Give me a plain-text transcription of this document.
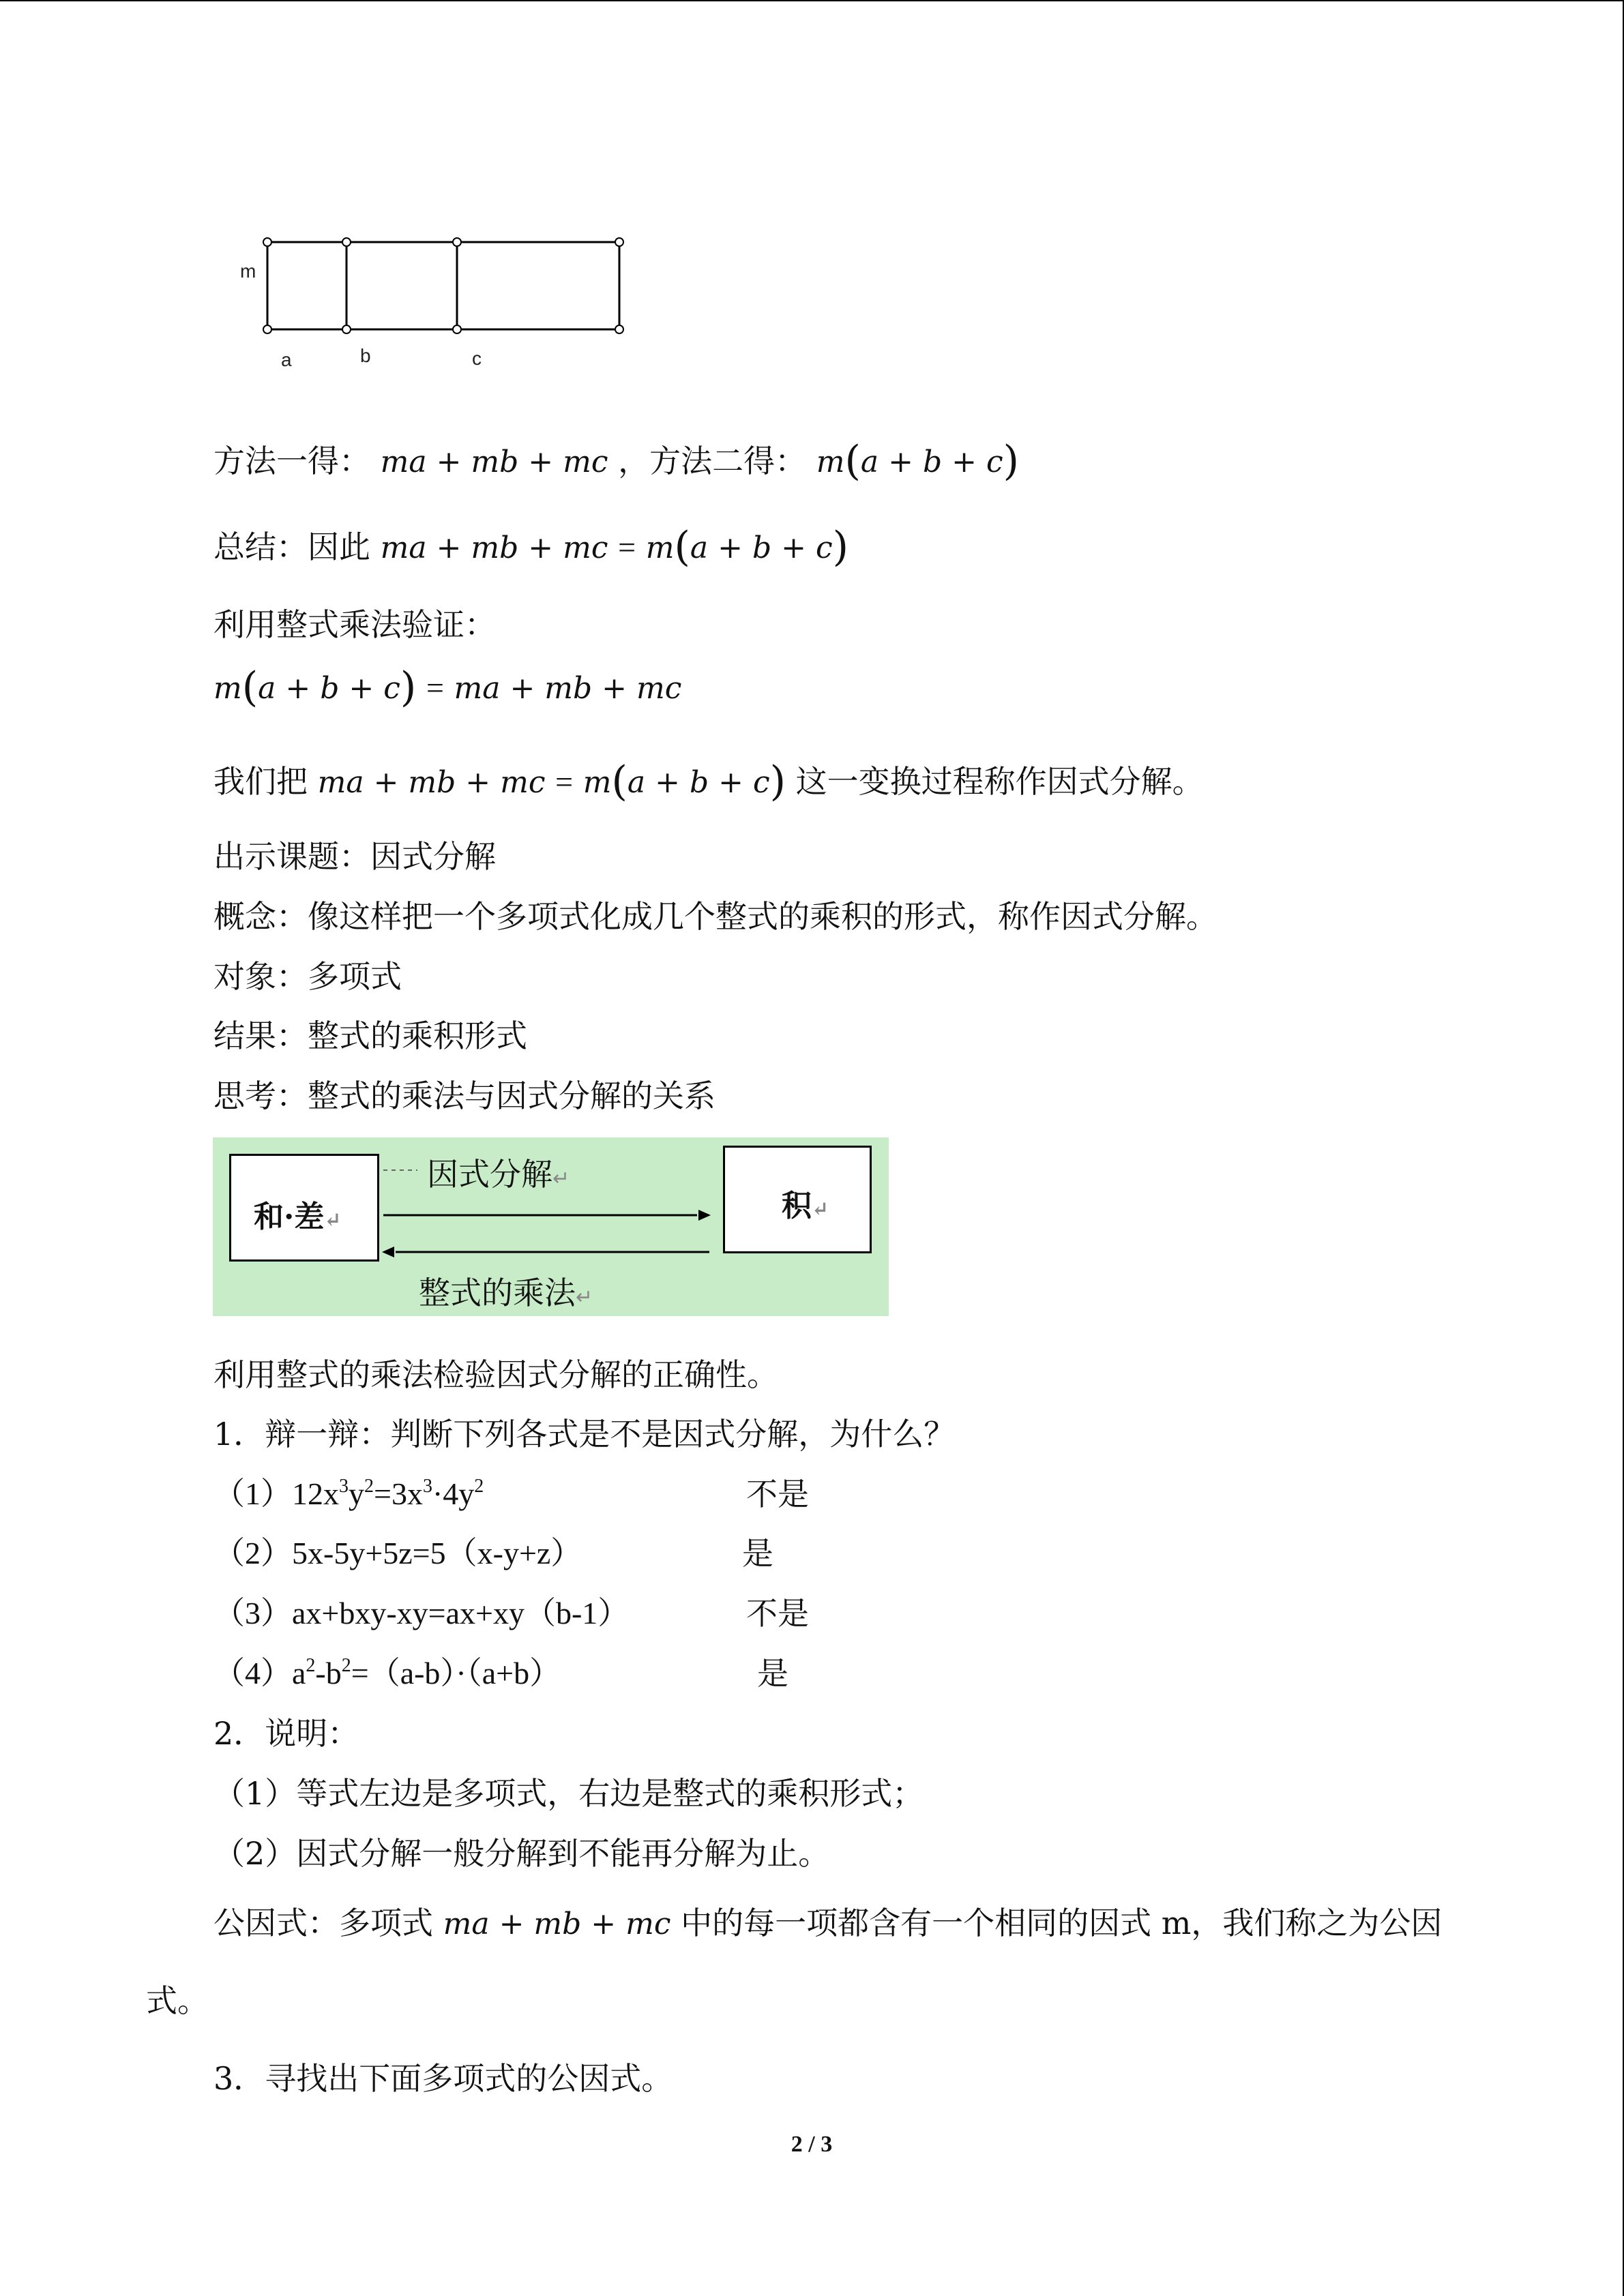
m
a	b	c
方法一得： ma + mb + mc ，方法二得： m(a + b + c)
总结：因此 ma + mb + mc = m(a + b + c)
利用整式乘法验证：
m(a + b + c) = ma + mb + mc
我们把 ma + mb + mc = m(a + b + c) 这一变换过程称作因式分解。
出示课题：因式分解
概念：像这样把一个多项式化成几个整式的乘积的形式，称作因式分解。
对象：多项式
结果：整式的乘积形式
思考：整式的乘法与因式分解的关系
和·差↵	积↵
因式分解↵
整式的乘法↵
利用整式的乘法检验因式分解的正确性。
1．辩一辩：判断下列各式是不是因式分解，为什么？
$(1)12x^3y^2=3x^3\cdot 4y^2$	不是
（2）5x-5y+5z=5（x-y+z）	是
（3）ax+bxy-xy=ax+xy（b-1）	不是
$(4)a^2-b^2=(a-b)\cdot(a+b)$	是
2．说明：
（1）等式左边是多项式，右边是整式的乘积形式；
（2）因式分解一般分解到不能再分解为止。
公因式：多项式 ma + mb + mc 中的每一项都含有一个相同的因式 m，我们称之为公因
式。
3．寻找出下面多项式的公因式。
2 / 3
